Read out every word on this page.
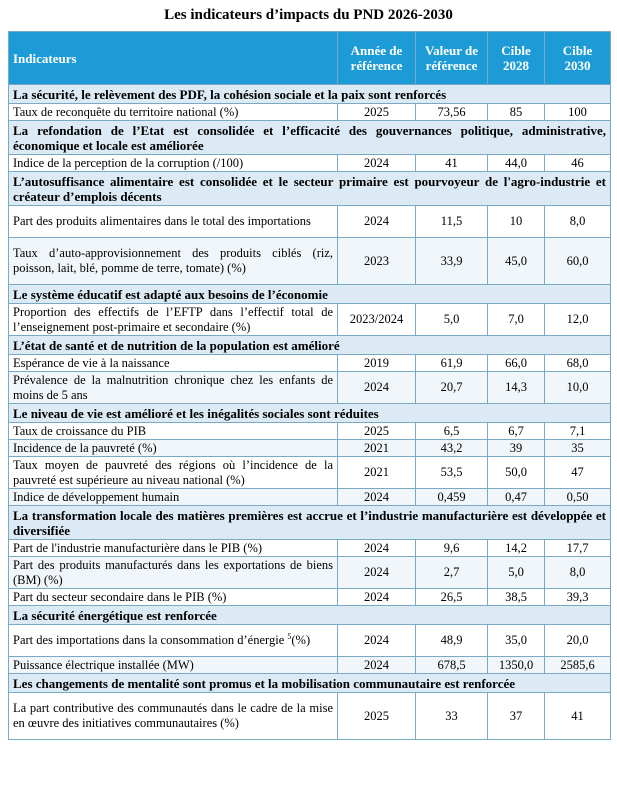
Les indicateurs d’impacts du PND 2026-2030
Indicateurs	Année de référence	Valeur de référence	Cible 2028	Cible 2030
La sécurité, le relèvement des PDF, la cohésion sociale et la paix sont renforcés				
Taux de reconquête du territoire national (%)	2025	73,56	85	100
La refondation de l’Etat est consolidée et l’efficacité des gouvernances politique, administrative, économique et locale est améliorée				
Indice de la perception de la corruption (/100)	2024	41	44,0	46
L’autosuffisance alimentaire est consolidée et le secteur primaire est pourvoyeur de l'agro-industrie et créateur d’emplois décents				
Part des produits alimentaires dans le total des importations	2024	11,5	10	8,0
Taux d’auto-approvisionnement des produits ciblés (riz, poisson, lait, blé, pomme de terre, tomate) (%)	2023	33,9	45,0	60,0
Le système éducatif est adapté aux besoins de l’économie				
Proportion des effectifs de l’EFTP dans l’effectif total de l’enseignement post-primaire et secondaire (%)	2023/2024	5,0	7,0	12,0
L’état de santé et de nutrition de la population est amélioré				
Espérance de vie à la naissance	2019	61,9	66,0	68,0
Prévalence de la malnutrition chronique chez les enfants de moins de 5 ans	2024	20,7	14,3	10,0
Le niveau de vie est amélioré et les inégalités sociales sont réduites				
Taux de croissance du PIB	2025	6,5	6,7	7,1
Incidence de la pauvreté (%)	2021	43,2	39	35
Taux moyen de pauvreté des régions où l’incidence de la pauvreté est supérieure au niveau national (%)	2021	53,5	50,0	47
Indice de développement humain	2024	0,459	0,47	0,50
La transformation locale des matières premières est accrue et l’industrie manufacturière est développée et diversifiée				
Part de l'industrie manufacturière dans le PIB (%)	2024	9,6	14,2	17,7
Part des produits manufacturés dans les exportations de biens (BM) (%)	2024	2,7	5,0	8,0
Part du secteur secondaire dans le PIB (%)	2024	26,5	38,5	39,3
La sécurité énergétique est renforcée				
Part des importations dans la consommation d’énergie $^5$(%)	2024	48,9	35,0	20,0
Puissance électrique installée (MW)	2024	678,5	1350,0	2585,6
Les changements de mentalité sont promus et la mobilisation communautaire est renforcée				
La part contributive des communautés dans le cadre de la mise en œuvre des initiatives communautaires (%)	2025	33	37	41
